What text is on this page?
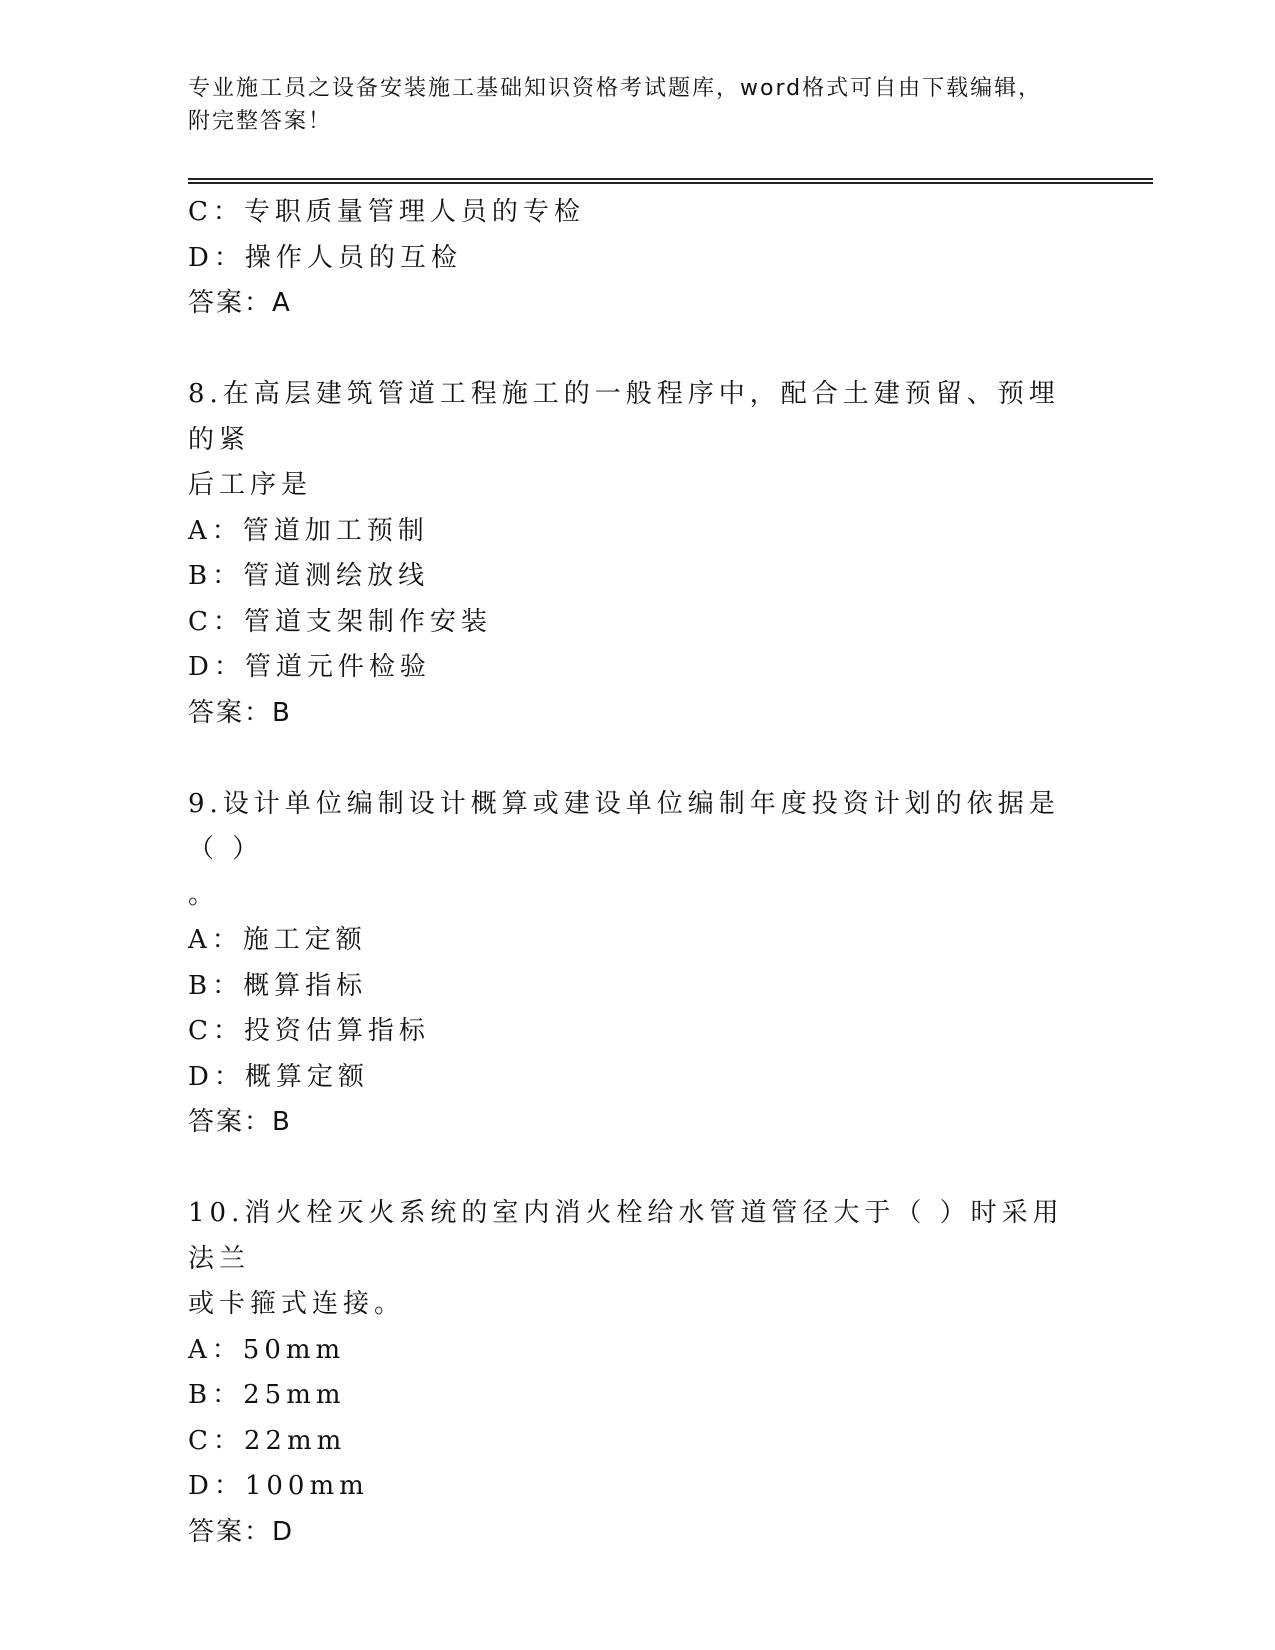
专业施工员之设备安装施工基础知识资格考试题库，word格式可自由下载编辑，
附完整答案！
C：专职质量管理人员的专检
D：操作人员的互检
答案：A
8.在高层建筑管道工程施工的一般程序中，配合土建预留、预埋的紧
后工序是
A：管道加工预制
B：管道测绘放线
C：管道支架制作安装
D：管道元件检验
答案：B
9.设计单位编制设计概算或建设单位编制年度投资计划的依据是（ ）
。
A：施工定额
B：概算指标
C：投资估算指标
D：概算定额
答案：B
10.消火栓灭火系统的室内消火栓给水管道管径大于（ ）时采用法兰
或卡箍式连接。
A：50mm
B：25mm
C：22mm
D：100mm
答案：D
